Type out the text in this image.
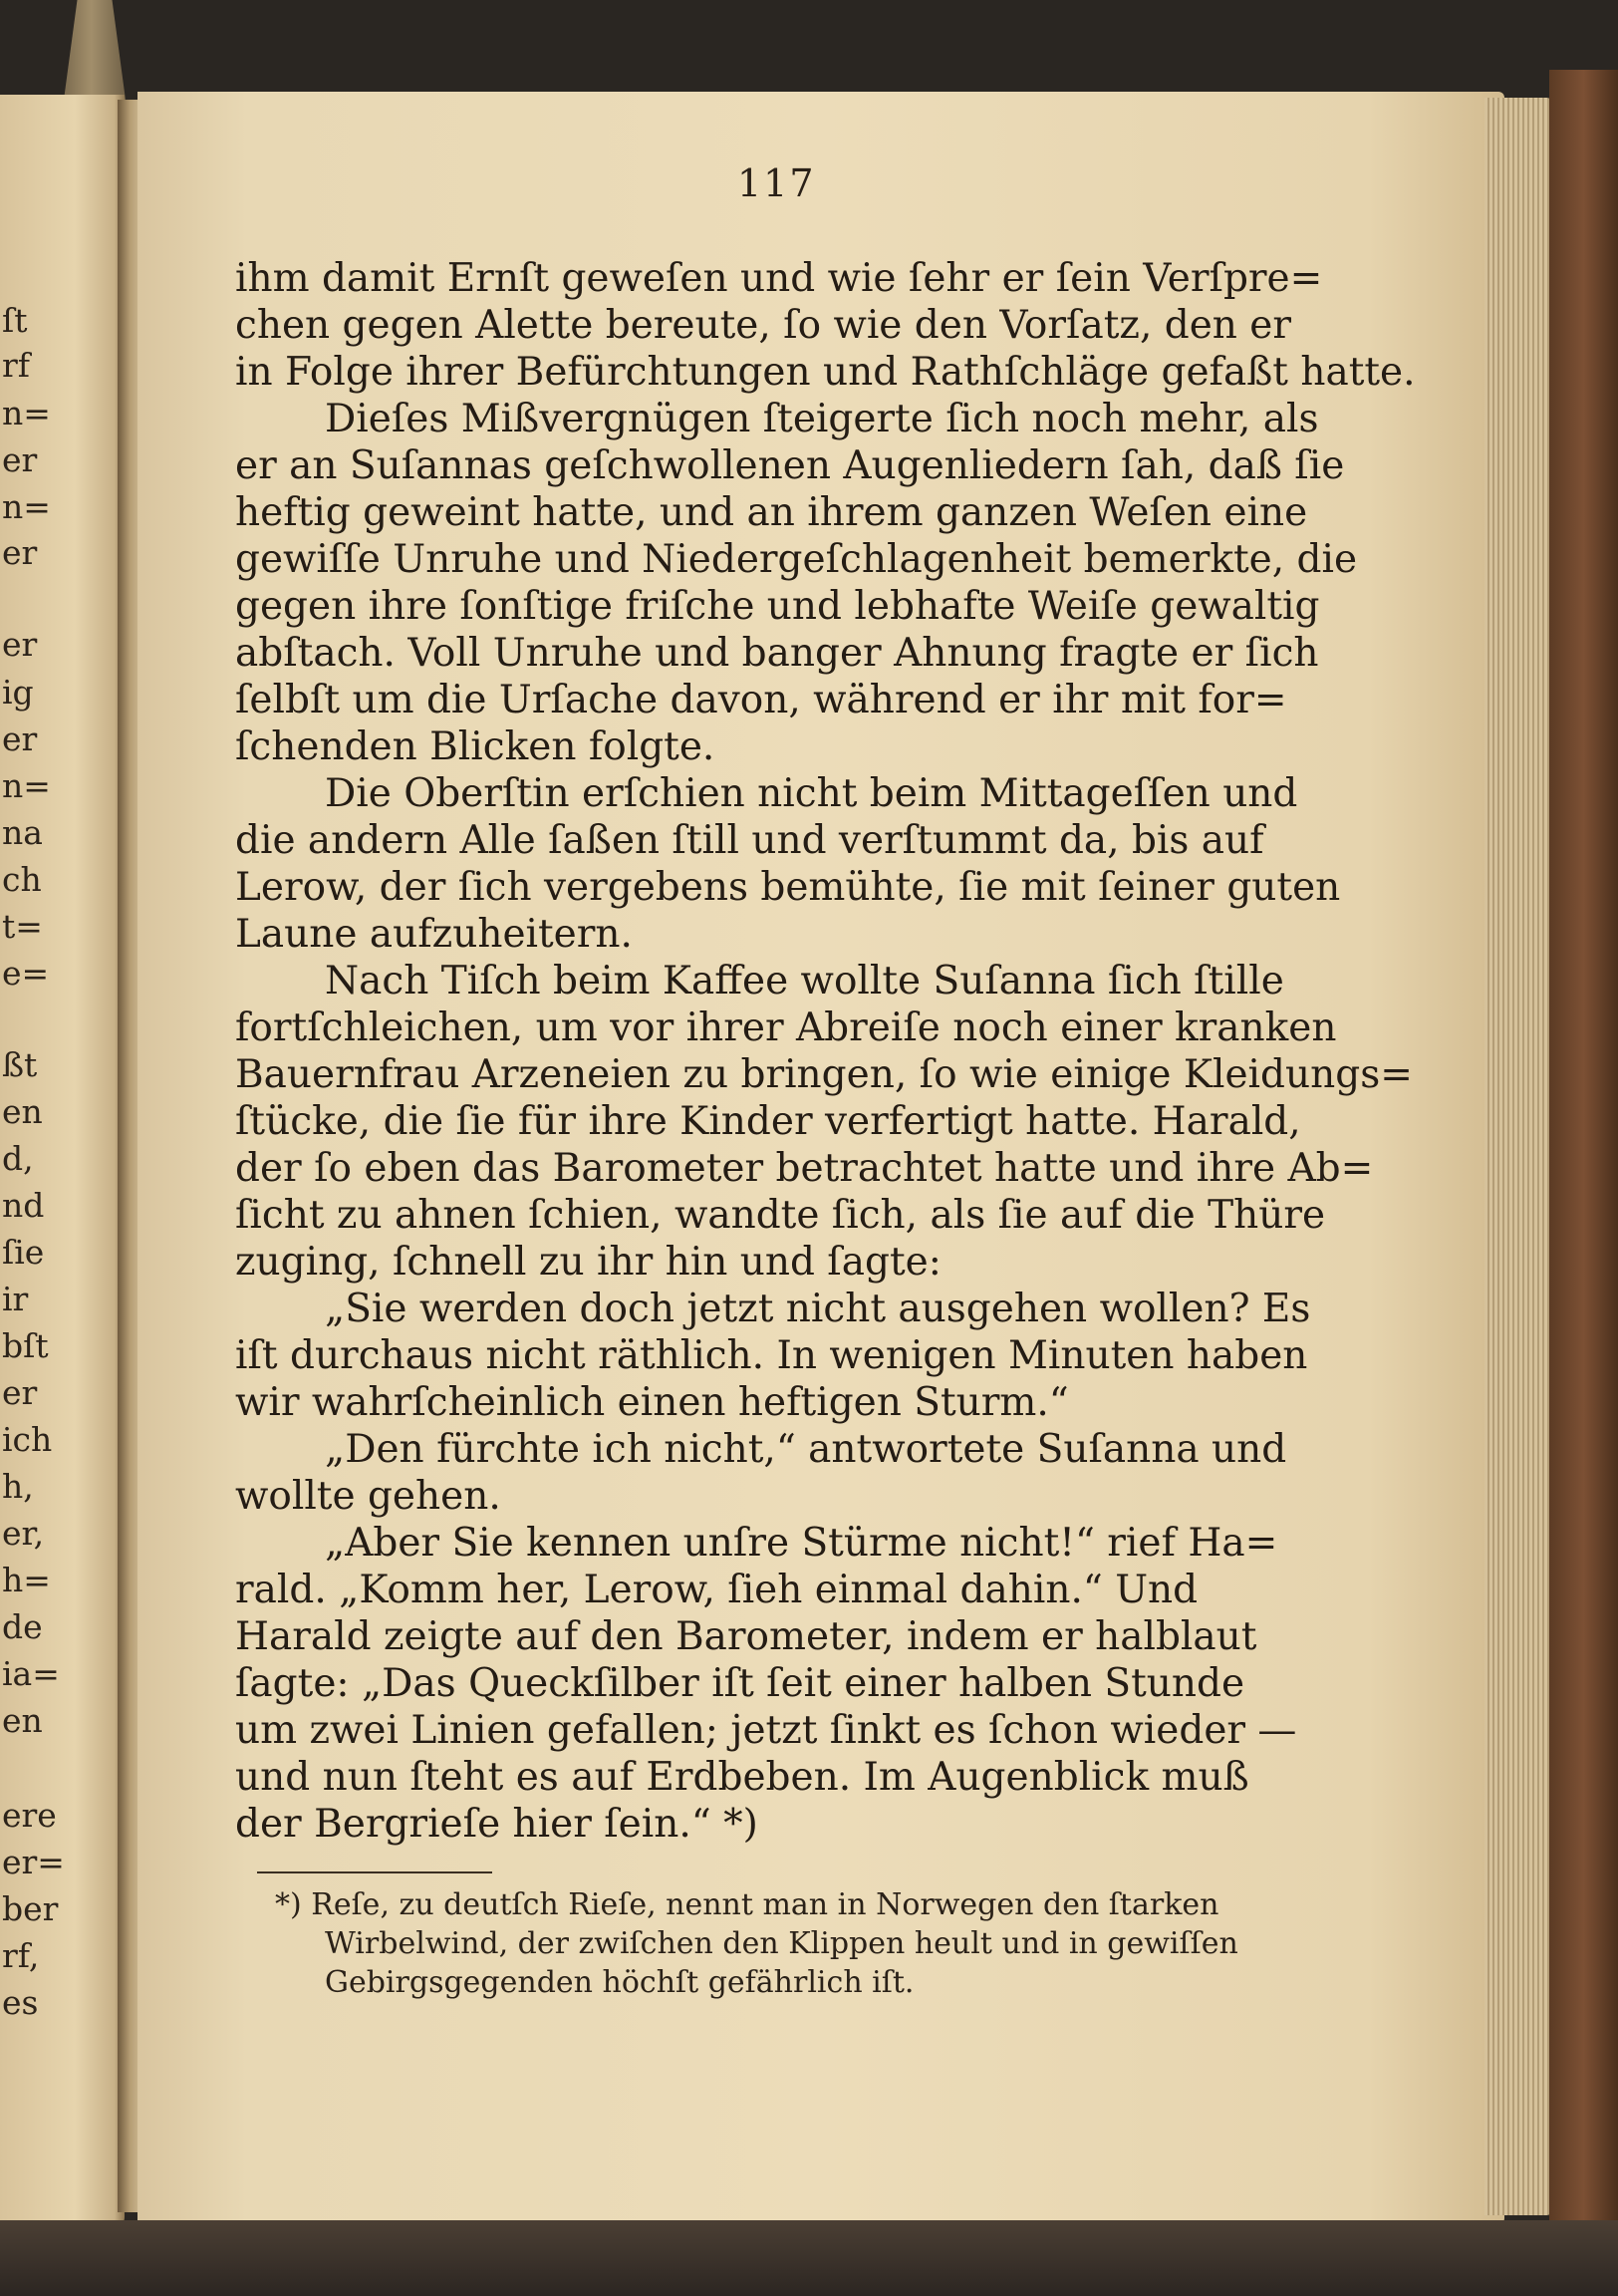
ſt
rf
n=
er
n=
er
er
ig
er
n=
na
ch
t=
e=
ßt
en
d,
nd
ſie
ir
bſt
er
ich
h,
er,
h=
de
ia=
en
ere
er=
ber
rf,
es
117
ihm damit Ernſt geweſen und wie ſehr er ſein Verſpre=
chen gegen Alette bereute, ſo wie den Vorſatz, den er
in Folge ihrer Befürchtungen und Rathſchläge gefaßt hatte.
Dieſes Mißvergnügen ſteigerte ſich noch mehr, als
er an Suſannas geſchwollenen Augenliedern ſah, daß ſie
heftig geweint hatte, und an ihrem ganzen Weſen eine
gewiſſe Unruhe und Niedergeſchlagenheit bemerkte, die
gegen ihre ſonſtige friſche und lebhafte Weiſe gewaltig
abſtach. Voll Unruhe und banger Ahnung fragte er ſich
ſelbſt um die Urſache davon, während er ihr mit for=
ſchenden Blicken folgte.
Die Oberſtin erſchien nicht beim Mittageſſen und
die andern Alle ſaßen ſtill und verſtummt da, bis auf
Lerow, der ſich vergebens bemühte, ſie mit ſeiner guten
Laune aufzuheitern.
Nach Tiſch beim Kaffee wollte Suſanna ſich ſtille
fortſchleichen, um vor ihrer Abreiſe noch einer kranken
Bauernfrau Arzeneien zu bringen, ſo wie einige Kleidungs=
ſtücke, die ſie für ihre Kinder verfertigt hatte. Harald,
der ſo eben das Barometer betrachtet hatte und ihre Ab=
ſicht zu ahnen ſchien, wandte ſich, als ſie auf die Thüre
zuging, ſchnell zu ihr hin und ſagte:
„Sie werden doch jetzt nicht ausgehen wollen? Es
iſt durchaus nicht räthlich. In wenigen Minuten haben
wir wahrſcheinlich einen heftigen Sturm.“
„Den fürchte ich nicht,“ antwortete Suſanna und
wollte gehen.
„Aber Sie kennen unſre Stürme nicht!“ rief Ha=
rald. „Komm her, Lerow, ſieh einmal dahin.“ Und
Harald zeigte auf den Barometer, indem er halblaut
ſagte: „Das Queckſilber iſt ſeit einer halben Stunde
um zwei Linien gefallen; jetzt ſinkt es ſchon wieder —
und nun ſteht es auf Erdbeben. Im Augenblick muß
der Bergrieſe hier ſein.“ *)
*) Reſe, zu deutſch Rieſe, nennt man in Norwegen den ſtarken
Wirbelwind, der zwiſchen den Klippen heult und in gewiſſen
Gebirgsgegenden höchſt gefährlich iſt.
